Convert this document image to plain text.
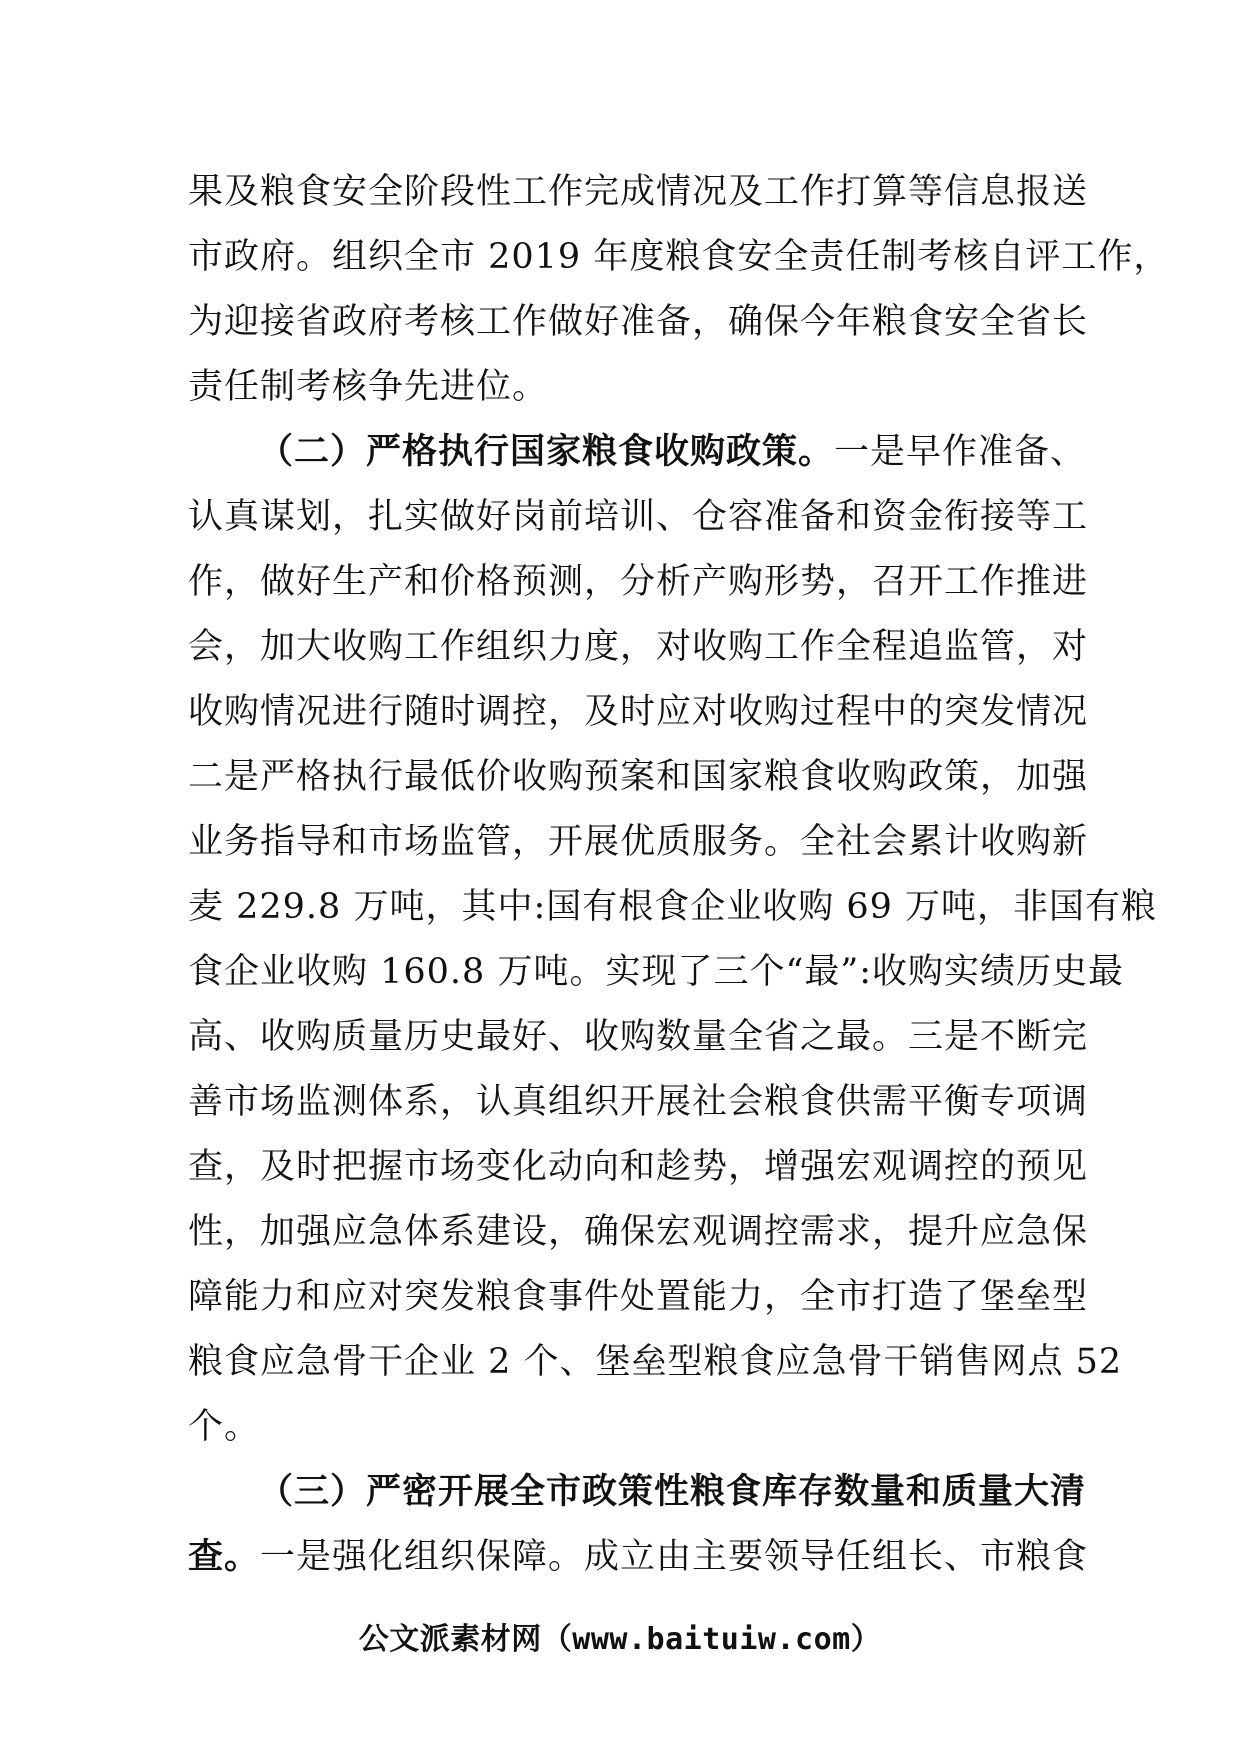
果及粮食安全阶段性工作完成情况及工作打算等信息报送
市政府。组织全市 2019 年度粮食安全责任制考核自评工作，
为迎接省政府考核工作做好准备，确保今年粮食安全省长
责任制考核争先进位。
（二）严格执行国家粮食收购政策。一是早作准备、
认真谋划，扎实做好岗前培训、仓容准备和资金衔接等工
作，做好生产和价格预测，分析产购形势，召开工作推进
会，加大收购工作组织力度，对收购工作全程追监管，对
收购情况进行随时调控，及时应对收购过程中的突发情况
二是严格执行最低价收购预案和国家粮食收购政策，加强
业务指导和市场监管，开展优质服务。全社会累计收购新
麦 229.8 万吨，其中:国有根食企业收购 69 万吨，非国有粮
食企业收购 160.8 万吨。实现了三个“最”:收购实绩历史最
高、收购质量历史最好、收购数量全省之最。三是不断完
善市场监测体系，认真组织开展社会粮食供需平衡专项调
查，及时把握市场变化动向和趁势，增强宏观调控的预见
性，加强应急体系建设，确保宏观调控需求，提升应急保
障能力和应对突发粮食事件处置能力，全市打造了堡垒型
粮食应急骨干企业 2 个、堡垒型粮食应急骨干销售网点 52
个。
（三）严密开展全市政策性粮食库存数量和质量大清
查。一是强化组织保障。成立由主要领导任组长、市粮食
公文派素材网（www.baituiw.com）
